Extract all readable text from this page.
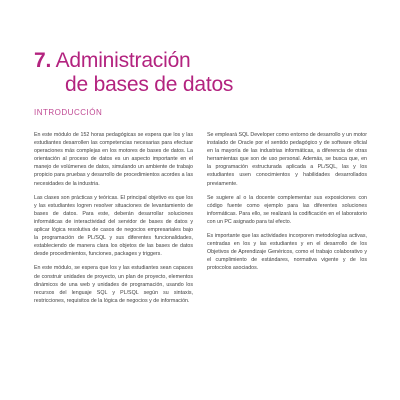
7. Administración
de bases de datos
INTRODUCCIÓN

En este módulo de 152 horas pedagógicas se espera que los y las estudiantes desarrollen las competencias necesarias para efectuar operaciones más complejas en los motores de bases de datos. La orientación al proceso de datos es un aspecto importante en el manejo de volúmenes de datos, simulando un ambiente de trabajo propicio para pruebas y desarrollo de procedimientos acordes a las necesidades de la industria.

Las clases son prácticas y teóricas. El principal objetivo es que los y las estudiantes logren resolver situaciones de levantamiento de bases de datos. Para este, deberán desarrollar soluciones informáticas de interactividad del servidor de bases de datos y aplicar lógica resolutiva de casos de negocios empresariales bajo la programación de PL/SQL y sus diferentes funcionalidades, estableciendo de manera clara los objetos de las bases de datos desde procedimientos, funciones, packages y triggers.

En este módulo, se espera que los y las estudiantes sean capaces de construir unidades de proyecto, un plan de proyecto, elementos dinámicos de una web y unidades de programación, usando los recursos del lenguaje SQL y PL/SQL según su sintaxis, restricciones, requisitos de la lógica de negocios y de información.

Se empleará SQL Developer como entorno de desarrollo y un motor instalado de Oracle por el sentido pedagógico y de software oficial en la mayoría de las industrias informáticas, a diferencia de otras herramientas que son de uso personal. Además, se busca que, en la programación estructurada aplicada a PL/SQL, las y los estudiantes usen conocimientos y habilidades desarrollados previamente.

Se sugiere al o la docente complementar sus exposiciones con código fuente como ejemplo para las diferentes soluciones informáticas. Para ello, se realizará la codificación en el laboratorio con un PC asignado para tal efecto.

Es importante que las actividades incorporen metodologías activas, centradas en los y las estudiantes y en el desarrollo de los Objetivos de Aprendizaje Genéricos, como el trabajo colaborativo y el cumplimiento de estándares, normativa vigente y de los protocolos asociados.
